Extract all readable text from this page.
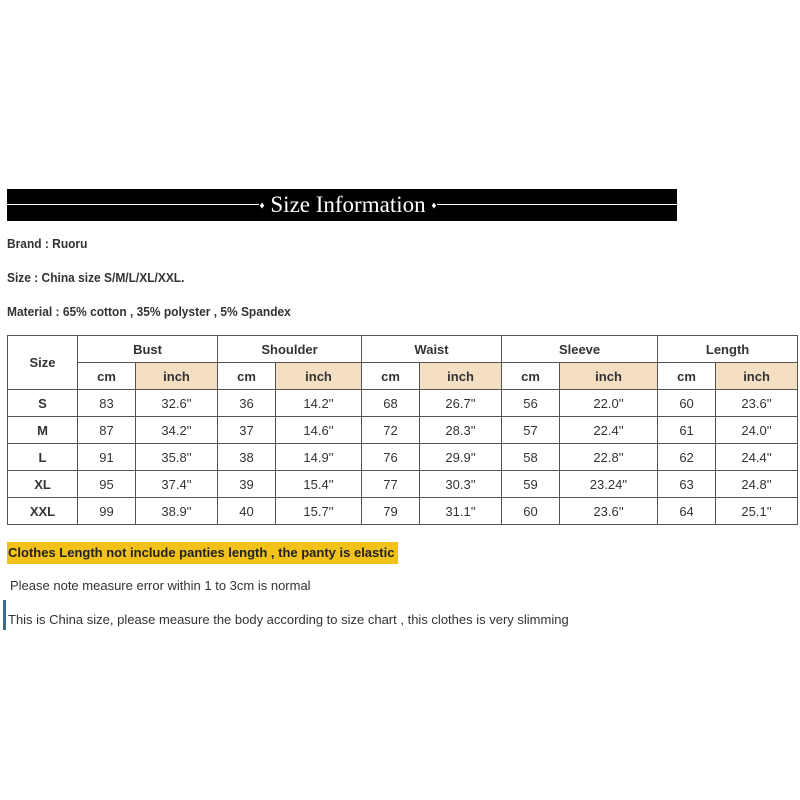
♦ Size Information ♦
Brand : Ruoru
Size : China size S/M/L/XL/XXL.
Material : 65% cotton , 35% polyster , 5% Spandex
Size	Bust		Shoulder		Waist		Sleeve		Length	
	cm	inch	cm	inch	cm	inch	cm	inch	cm	inch
S	83	32.6''	36	14.2''	68	26.7''	56	22.0''	60	23.6''
M	87	34.2''	37	14.6''	72	28.3''	57	22.4''	61	24.0''
L	91	35.8''	38	14.9''	76	29.9''	58	22.8''	62	24.4''
XL	95	37.4''	39	15.4''	77	30.3''	59	23.24''	63	24.8''
XXL	99	38.9''	40	15.7''	79	31.1''	60	23.6''	64	25.1''
Clothes Length not include panties length , the panty is elastic
Please note measure error within 1 to 3cm is normal
This is China size, please measure the body according to size chart , this clothes is very slimming
